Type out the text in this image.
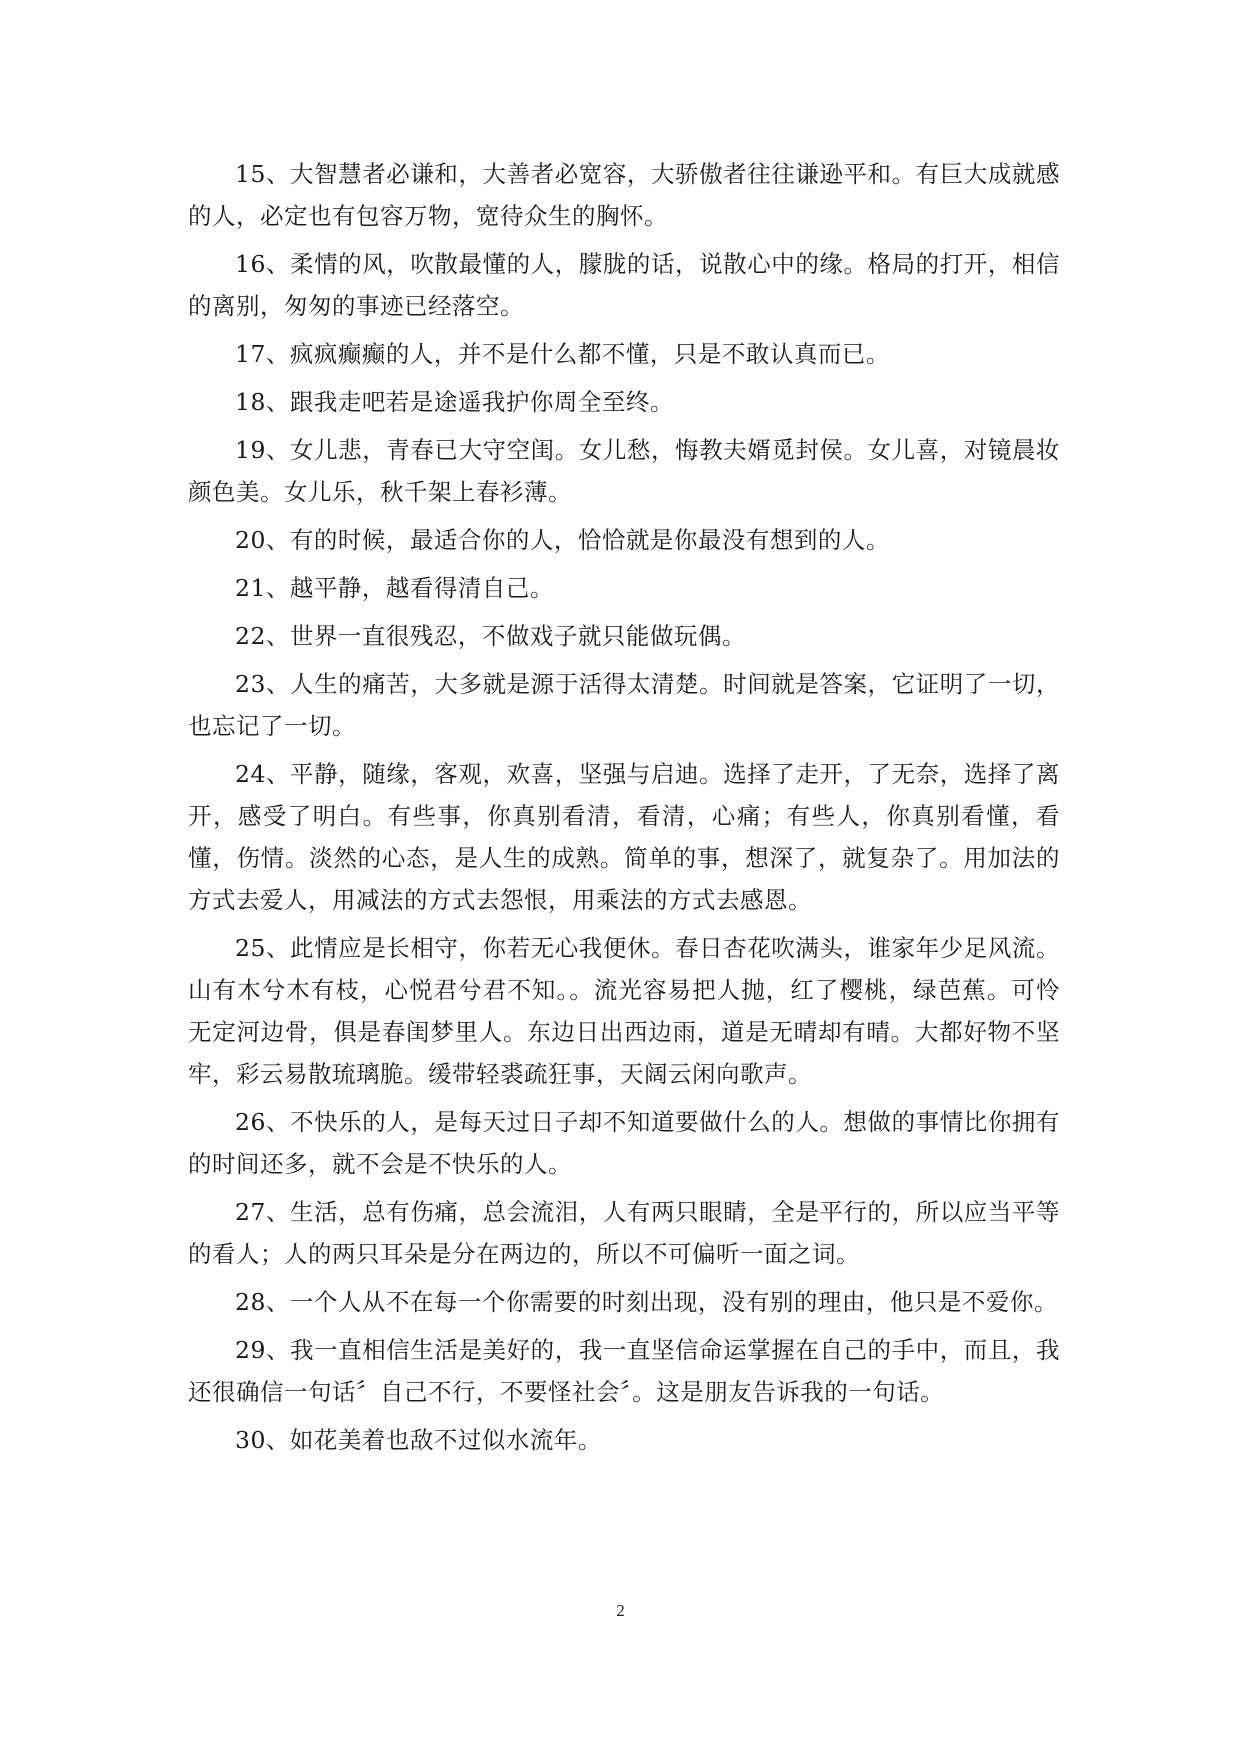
15、大智慧者必谦和，大善者必宽容，大骄傲者往往谦逊平和。有巨大成就感的人，必定也有包容万物，宽待众生的胸怀。

16、柔情的风，吹散最懂的人，朦胧的话，说散心中的缘。格局的打开，相信的离别，匆匆的事迹已经落空。

17、疯疯癫癫的人，并不是什么都不懂，只是不敢认真而已。

18、跟我走吧若是途遥我护你周全至终。

19、女儿悲，青春已大守空闺。女儿愁，悔教夫婿觅封侯。女儿喜，对镜晨妆颜色美。女儿乐，秋千架上春衫薄。

20、有的时候，最适合你的人，恰恰就是你最没有想到的人。

21、越平静，越看得清自己。

22、世界一直很残忍，不做戏子就只能做玩偶。

23、人生的痛苦，大多就是源于活得太清楚。时间就是答案，它证明了一切，也忘记了一切。

24、平静，随缘，客观，欢喜，坚强与启迪。选择了走开，了无奈，选择了离开，感受了明白。有些事，你真别看清，看清，心痛；有些人，你真别看懂，看懂，伤情。淡然的心态，是人生的成熟。简单的事，想深了，就复杂了。用加法的方式去爱人，用减法的方式去怨恨，用乘法的方式去感恩。

25、此情应是长相守，你若无心我便休。春日杏花吹满头，谁家年少足风流。山有木兮木有枝，心悦君兮君不知。。流光容易把人抛，红了樱桃，绿芭蕉。可怜无定河边骨，俱是春闺梦里人。东边日出西边雨，道是无晴却有晴。大都好物不坚牢，彩云易散琉璃脆。缓带轻裘疏狂事，天阔云闲向歌声。

26、不快乐的人，是每天过日子却不知道要做什么的人。想做的事情比你拥有的时间还多，就不会是不快乐的人。

27、生活，总有伤痛，总会流泪，人有两只眼睛，全是平行的，所以应当平等的看人；人的两只耳朵是分在两边的，所以不可偏听一面之词。

28、一个人从不在每一个你需要的时刻出现，没有别的理由，他只是不爱你。

29、我一直相信生活是美好的，我一直坚信命运掌握在自己的手中，而且，我还很确信一句话〞自己不行，不要怪社会〞。这是朋友告诉我的一句话。

30、如花美着也敌不过似水流年。

2
